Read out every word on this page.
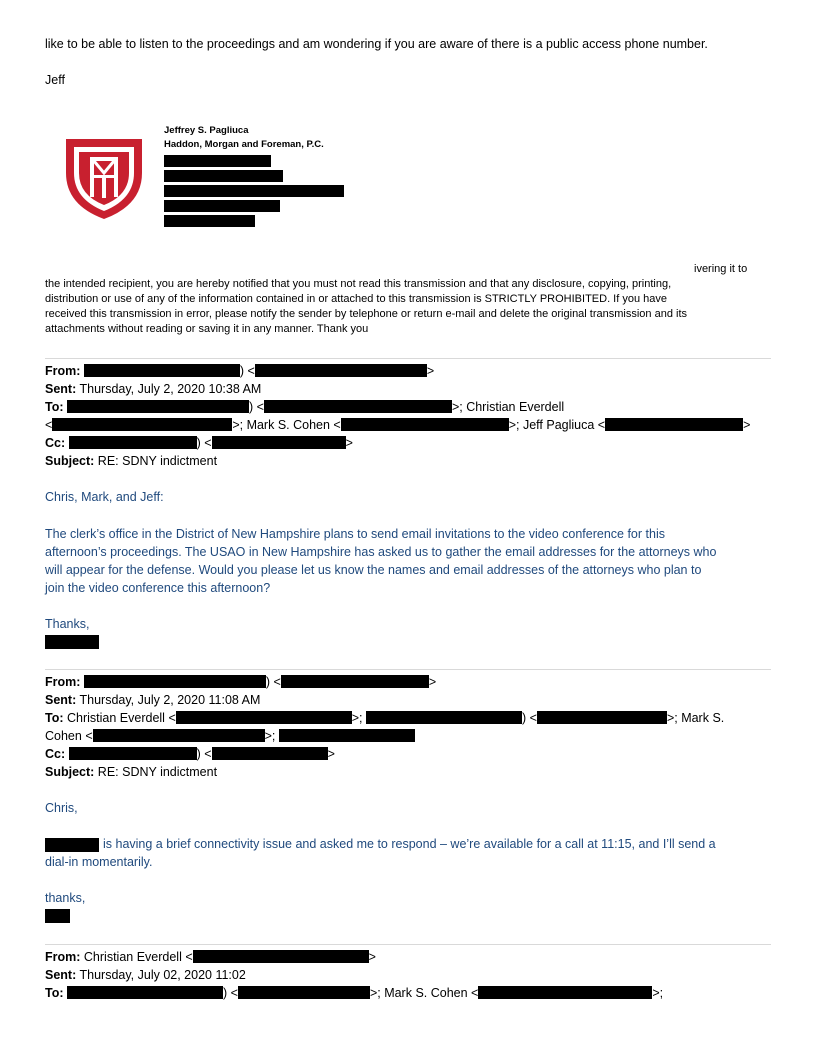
like to be able to listen to the proceedings and am wondering if you are aware of there is a public access phone number.
Jeff
Jeffrey S. Pagliuca
Haddon, Morgan and Foreman, P.C.
ivering it to
the intended recipient, you are hereby notified that you must not read this transmission and that any disclosure, copying, printing,
distribution or use of any of the information contained in or attached to this transmission is STRICTLY PROHIBITED. If you have
received this transmission in error, please notify the sender by telephone or return e-mail and delete the original transmission and its
attachments without reading or saving it in any manner. Thank you
From:	) <	>
Sent: Thursday, July 2, 2020 10:38 AM
To:	) <	>; Christian Everdell
<	>; Mark S. Cohen <	>; Jeff Pagliuca <	>
Cc:	) <	>
Subject: RE: SDNY indictment
Chris, Mark, and Jeff:
The clerk’s office in the District of New Hampshire plans to send email invitations to the video conference for this
afternoon’s proceedings. The USAO in New Hampshire has asked us to gather the email addresses for the attorneys who
will appear for the defense. Would you please let us know the names and email addresses of the attorneys who plan to
join the video conference this afternoon?
Thanks,
From:	) <	>
Sent: Thursday, July 2, 2020 11:08 AM
To: Christian Everdell <	>;	) <	>; Mark S.
Cohen <	>;
Cc:	) <	>
Subject: RE: SDNY indictment
Chris,
is having a brief connectivity issue and asked me to respond – we’re available for a call at 11:15, and I’ll send a
dial-in momentarily.
thanks,
From: Christian Everdell <	>
Sent: Thursday, July 02, 2020 11:02
To:	) <	>; Mark S. Cohen <	>;
